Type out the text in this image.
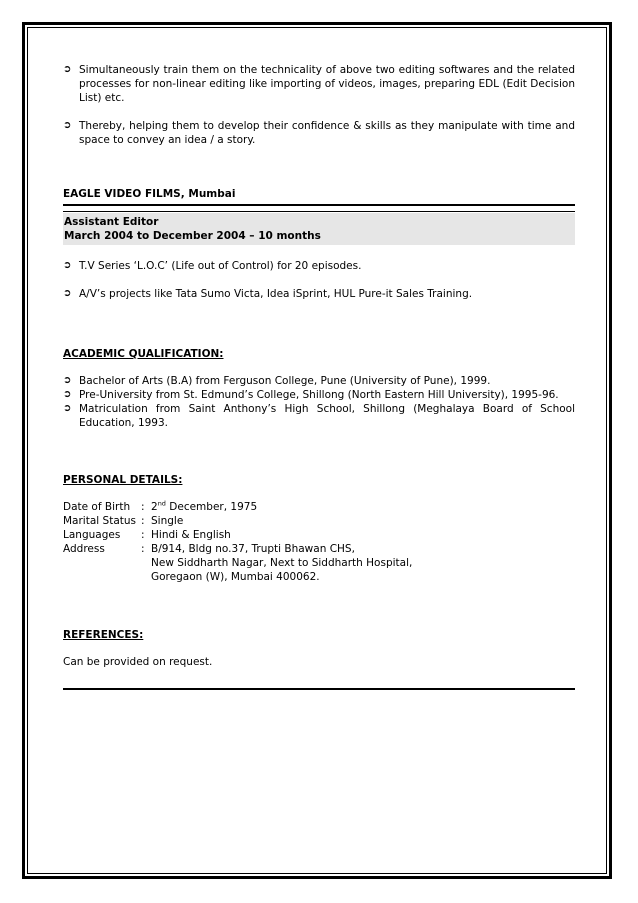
➲ Simultaneously train them on the technicality of above two editing softwares and the related processes for non-linear editing like importing of videos, images, preparing EDL (Edit Decision List) etc.
➲ Thereby, helping them to develop their confidence & skills as they manipulate with time and space to convey an idea / a story.
EAGLE VIDEO FILMS, Mumbai
Assistant Editor
March 2004 to December 2004 – 10 months
➲ T.V Series ‘L.O.C’ (Life out of Control) for 20 episodes.
➲ A/V’s projects like Tata Sumo Victa, Idea iSprint, HUL Pure-it Sales Training.
ACADEMIC QUALIFICATION:
➲ Bachelor of Arts (B.A) from Ferguson College, Pune (University of Pune), 1999.
➲ Pre-University from St. Edmund’s College, Shillong (North Eastern Hill University), 1995-96.
➲ Matriculation from Saint Anthony’s High School, Shillong (Meghalaya Board of School Education, 1993.
PERSONAL DETAILS:
Date of Birth	: 2nd December, 1975
Marital Status : Single
Languages	: Hindi & English
Address	: B/914, Bldg no.37, Trupti Bhawan CHS,
New Siddharth Nagar, Next to Siddharth Hospital,
Goregaon (W), Mumbai 400062.
REFERENCES:
Can be provided on request.
